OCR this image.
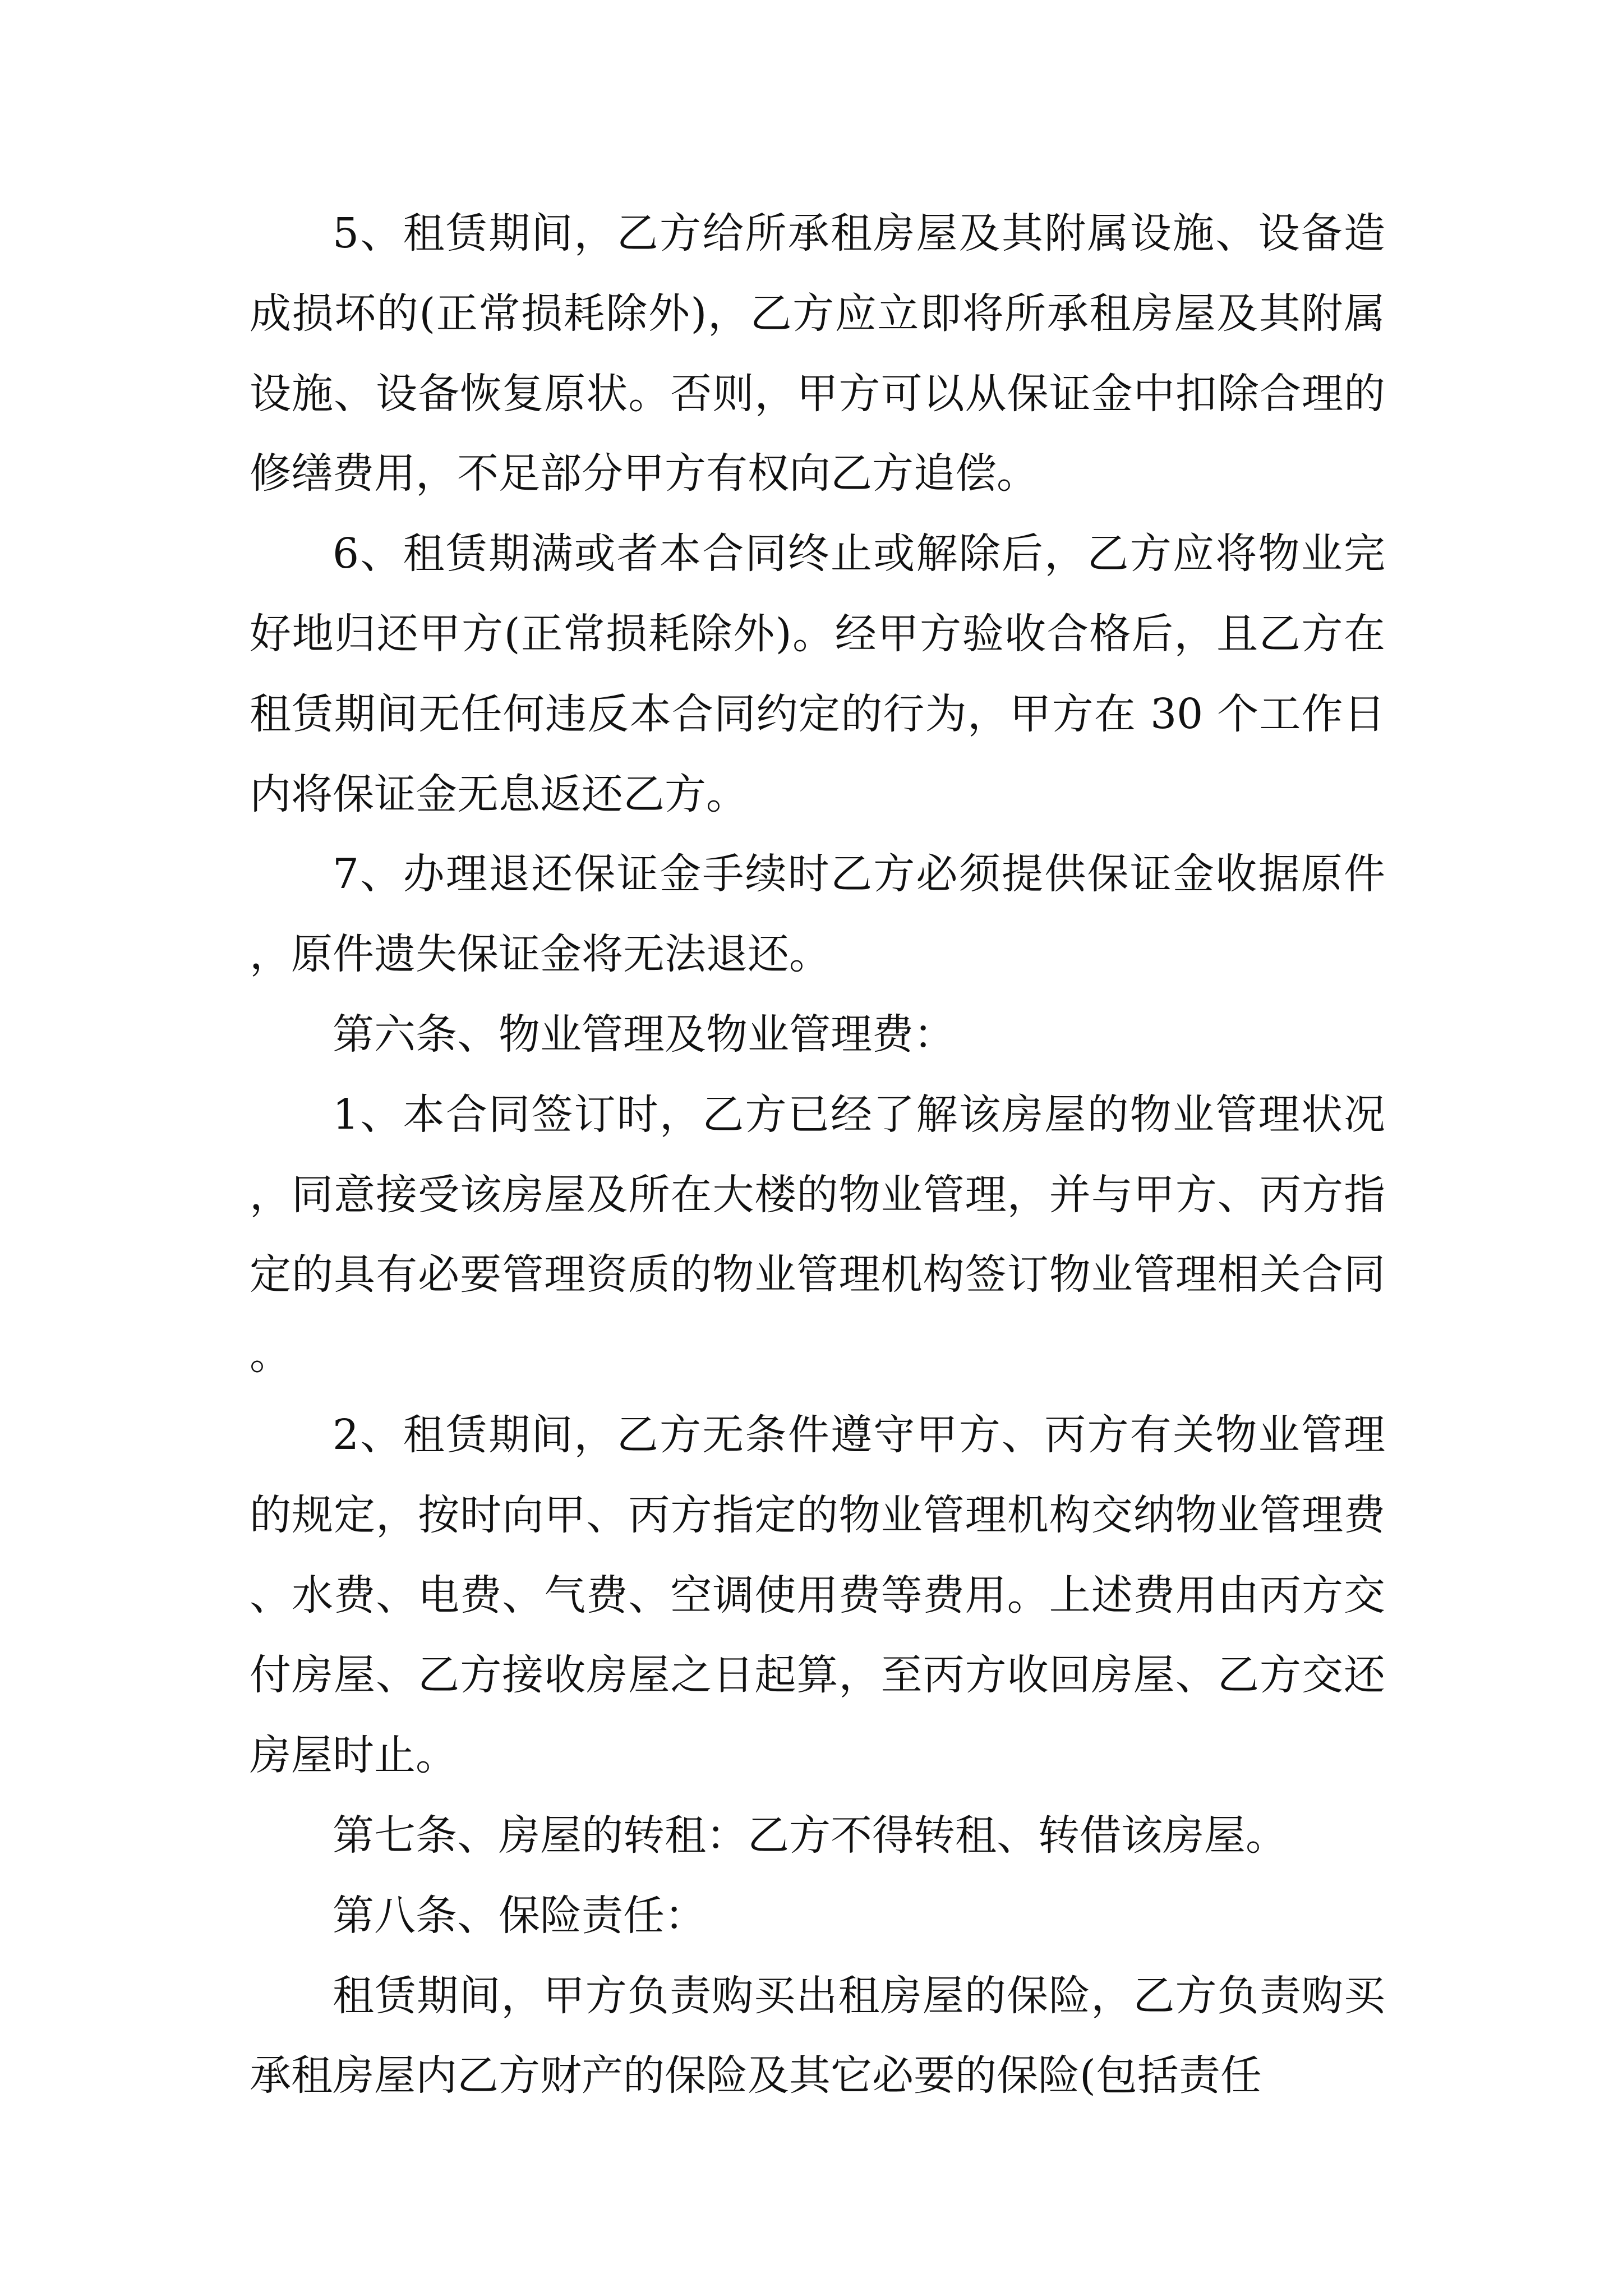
5、租赁期间，乙方给所承租房屋及其附属设施、设备造成损坏的(正常损耗除外)，乙方应立即将所承租房屋及其附属设施、设备恢复原状。否则，甲方可以从保证金中扣除合理的修缮费用，不足部分甲方有权向乙方追偿。

6、租赁期满或者本合同终止或解除后，乙方应将物业完好地归还甲方(正常损耗除外)。经甲方验收合格后，且乙方在租赁期间无任何违反本合同约定的行为，甲方在 30 个工作日内将保证金无息返还乙方。

7、办理退还保证金手续时乙方必须提供保证金收据原件，原件遗失保证金将无法退还。

第六条、物业管理及物业管理费：

1、本合同签订时，乙方已经了解该房屋的物业管理状况，同意接受该房屋及所在大楼的物业管理，并与甲方、丙方指定的具有必要管理资质的物业管理机构签订物业管理相关合同。

2、租赁期间，乙方无条件遵守甲方、丙方有关物业管理的规定，按时向甲、丙方指定的物业管理机构交纳物业管理费、水费、电费、气费、空调使用费等费用。上述费用由丙方交付房屋、乙方接收房屋之日起算，至丙方收回房屋、乙方交还房屋时止。

第七条、房屋的转租：乙方不得转租、转借该房屋。

第八条、保险责任：

租赁期间，甲方负责购买出租房屋的保险，乙方负责购买承租房屋内乙方财产的保险及其它必要的保险(包括责任
